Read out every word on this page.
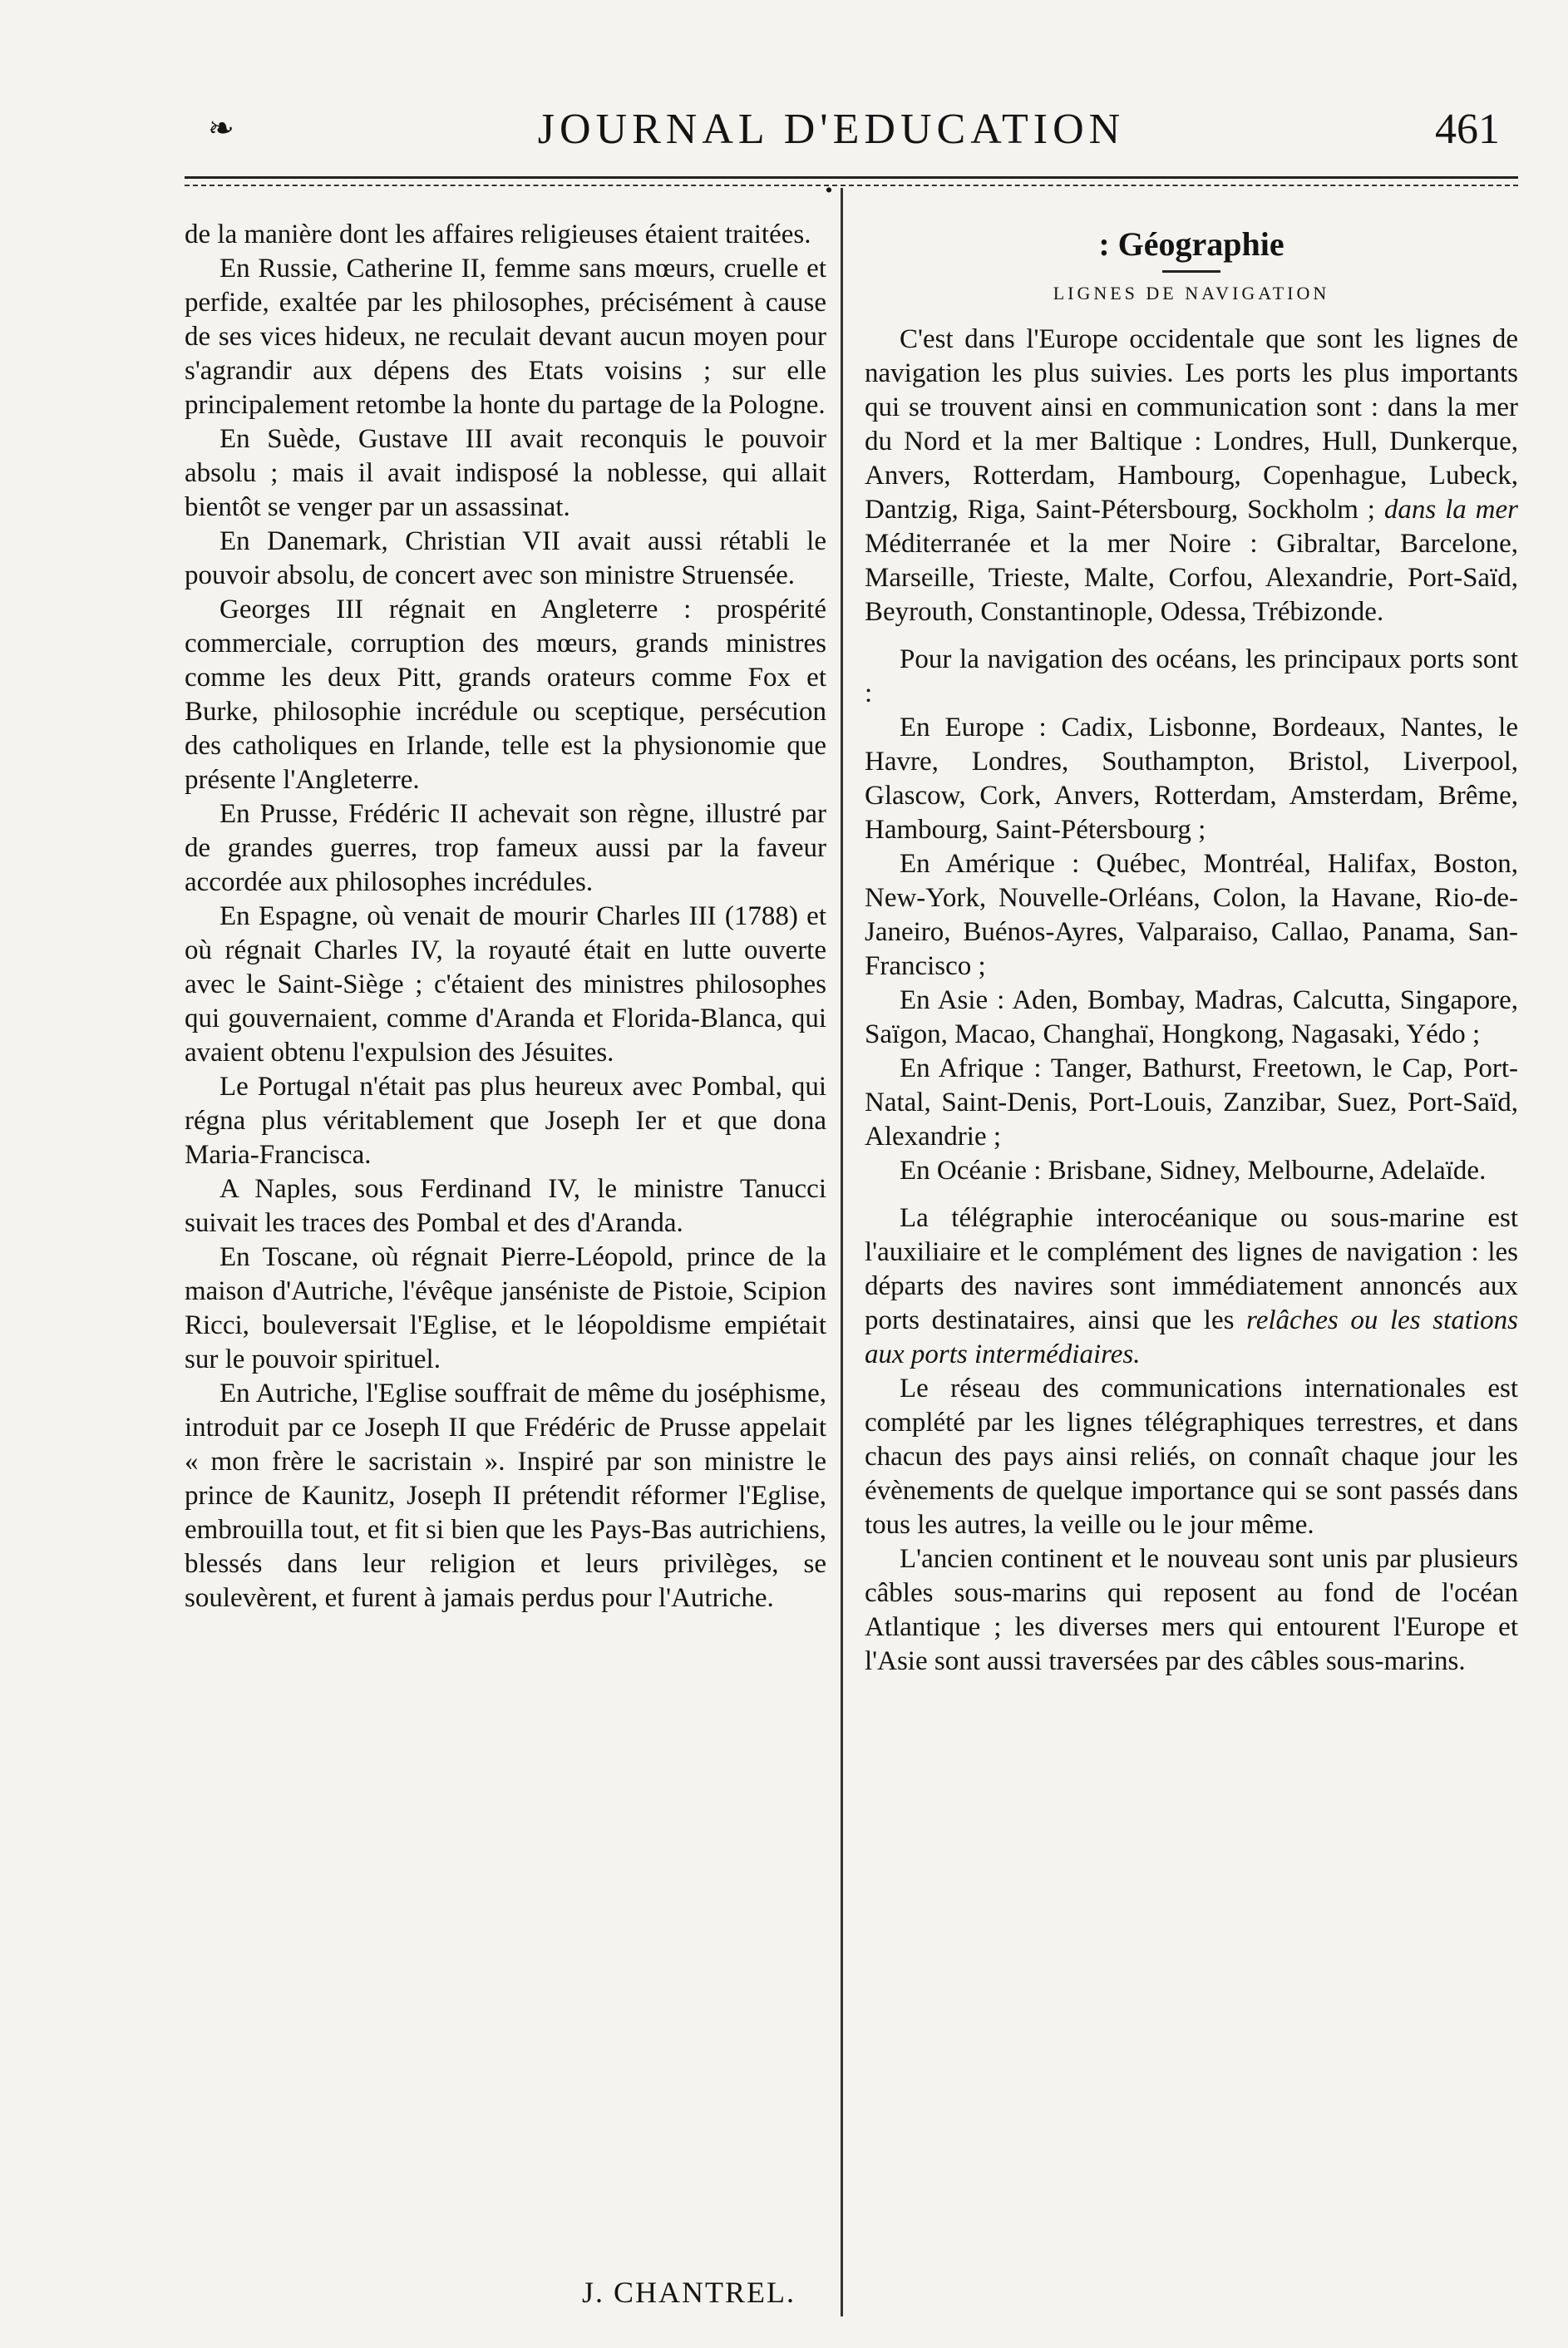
❧	JOURNAL D'EDUCATION .
461

de la manière dont les affaires religieuses étaient traitées.

En Russie, Catherine II, femme sans mœurs, cruelle et perfide, exaltée par les philosophes, précisément à cause de ses vices hideux, ne reculait devant aucun moyen pour s'agrandir aux dépens des Etats voisins ; sur elle principalement retombe la honte du partage de la Pologne.

En Suède, Gustave III avait reconquis le pouvoir absolu ; mais il avait indisposé la noblesse, qui allait bientôt se venger par un assassinat.

En Danemark, Christian VII avait aussi rétabli le pouvoir absolu, de concert avec son ministre Struensée.

Georges III régnait en Angleterre : prospérité commerciale, corruption des mœurs, grands ministres comme les deux Pitt, grands orateurs comme Fox et Burke, philosophie incrédule ou sceptique, persécution des catholiques en Irlande, telle est la physionomie que présente l'Angleterre.

En Prusse, Frédéric II achevait son règne, illustré par de grandes guerres, trop fameux aussi par la faveur accordée aux philosophes incrédules.

En Espagne, où venait de mourir Charles III (1788) et où régnait Charles IV, la royauté était en lutte ouverte avec le Saint-Siège ; c'étaient des ministres philosophes qui gouvernaient, comme d'Aranda et Florida-Blanca, qui avaient obtenu l'expulsion des Jésuites.

Le Portugal n'était pas plus heureux avec Pombal, qui régna plus véritablement que Joseph Ier et que dona Maria-Francisca.

A Naples, sous Ferdinand IV, le ministre Tanucci suivait les traces des Pombal et des d'Aranda.

En Toscane, où régnait Pierre-Léopold, prince de la maison d'Autriche, l'évêque janséniste de Pistoie, Scipion Ricci, bouleversait l'Eglise, et le léopoldisme empiétait sur le pouvoir spirituel.

En Autriche, l'Eglise souffrait de même du joséphisme, introduit par ce Joseph II que Frédéric de Prusse appelait « mon frère le sacristain ». Inspiré par son ministre le prince de Kaunitz, Joseph II prétendit réformer l'Eglise, embrouilla tout, et fit si bien que les Pays-Bas autrichiens, blessés dans leur religion et leurs privilèges, se soulevèrent, et furent à jamais perdus pour l'Autriche.

: Géographie
LIGNES DE NAVIGATION

C'est dans l'Europe occidentale que sont les lignes de navigation les plus suivies. Les ports les plus importants qui se trouvent ainsi en communication sont : dans la mer du Nord et la mer Baltique : Londres, Hull, Dunkerque, Anvers, Rotterdam, Hambourg, Copenhague, Lubeck, Dantzig, Riga, Saint-Pétersbourg, Sockholm ; dans la mer Méditerranée et la mer Noire : Gibraltar, Barcelone, Marseille, Trieste, Malte, Corfou, Alexandrie, Port-Saïd, Beyrouth, Constantinople, Odessa, Trébizonde.

Pour la navigation des océans, les principaux ports sont :

En Europe : Cadix, Lisbonne, Bordeaux, Nantes, le Havre, Londres, Southampton, Bristol, Liverpool, Glascow, Cork, Anvers, Rotterdam, Amsterdam, Brême, Hambourg, Saint-Pétersbourg ;

En Amérique : Québec, Montréal, Halifax, Boston, New-York, Nouvelle-Orléans, Colon, la Havane, Rio-de-Janeiro, Buénos-Ayres, Valparaiso, Callao, Panama, San-Francisco ;

En Asie : Aden, Bombay, Madras, Calcutta, Singapore, Saïgon, Macao, Changhaï, Hongkong, Nagasaki, Yédo ;

En Afrique : Tanger, Bathurst, Freetown, le Cap, Port-Natal, Saint-Denis, Port-Louis, Zanzibar, Suez, Port-Saïd, Alexandrie ;

En Océanie : Brisbane, Sidney, Melbourne, Adelaïde.

La télégraphie interocéanique ou sous-marine est l'auxiliaire et le complément des lignes de navigation : les départs des navires sont immédiatement annoncés aux ports destinataires, ainsi que les relâches ou les stations aux ports intermédiaires.

Le réseau des communications internationales est complété par les lignes télégraphiques terrestres, et dans chacun des pays ainsi reliés, on connaît chaque jour les évènements de quelque importance qui se sont passés dans tous les autres, la veille ou le jour même.

L'ancien continent et le nouveau sont unis par plusieurs câbles sous-marins qui reposent au fond de l'océan Atlantique ; les diverses mers qui entourent l'Europe et l'Asie sont aussi traversées par des câbles sous-marins.

J. CHANTREL.
